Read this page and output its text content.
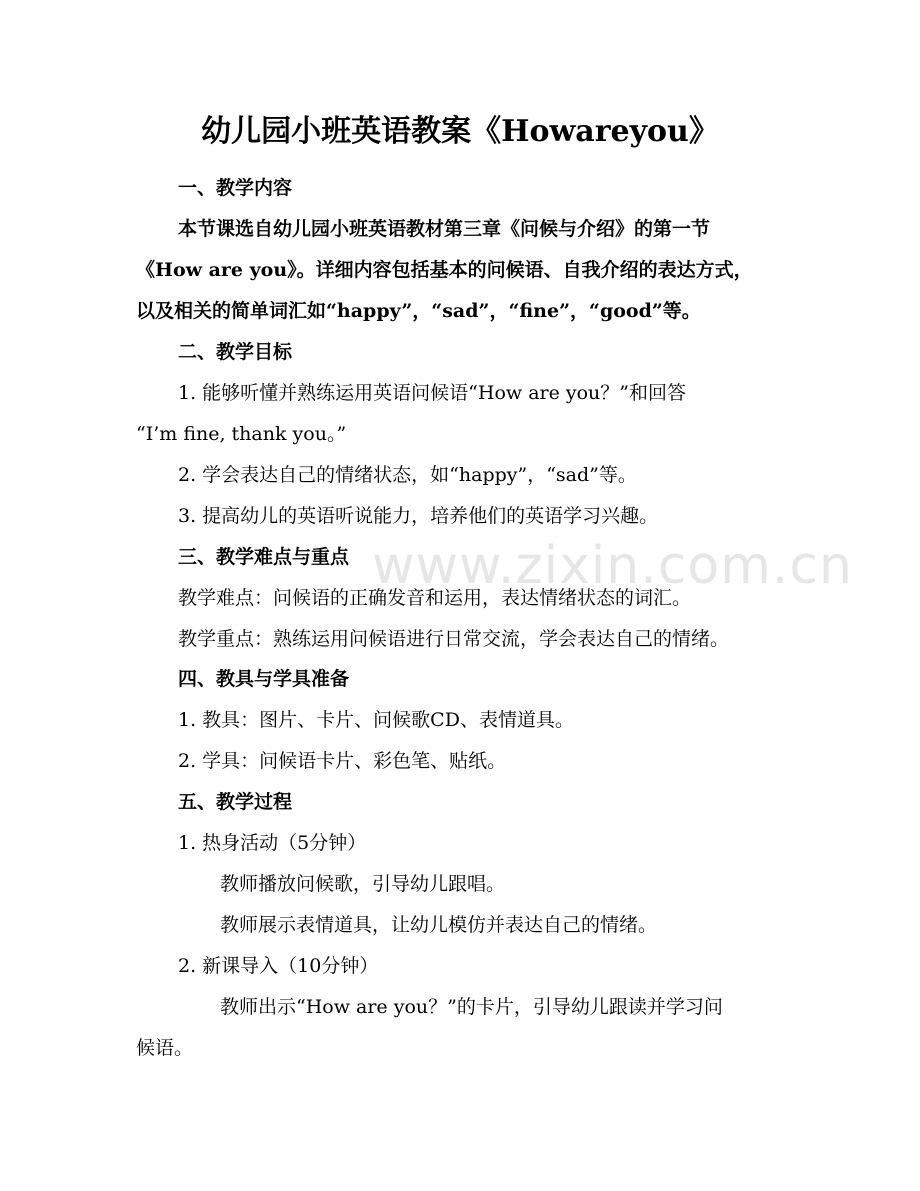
www.zixin.com.cn
幼儿园小班英语教案《Howareyou》
一、教学内容
本节课选自幼儿园小班英语教材第三章《问候与介绍》的第一节
《How are you》。详细内容包括基本的问候语、自我介绍的表达方式，
以及相关的简单词汇如“happy”，“sad”，“fine”，“good”等。
二、教学目标
1. 能够听懂并熟练运用英语问候语“How are you？”和回答
“I’m fine, thank you。”
2. 学会表达自己的情绪状态，如“happy”，“sad”等。
3. 提高幼儿的英语听说能力，培养他们的英语学习兴趣。
三、教学难点与重点
教学难点：问候语的正确发音和运用，表达情绪状态的词汇。
教学重点：熟练运用问候语进行日常交流，学会表达自己的情绪。
四、教具与学具准备
1. 教具：图片、卡片、问候歌CD、表情道具。
2. 学具：问候语卡片、彩色笔、贴纸。
五、教学过程
1. 热身活动（5分钟）
教师播放问候歌，引导幼儿跟唱。
教师展示表情道具，让幼儿模仿并表达自己的情绪。
2. 新课导入（10分钟）
教师出示“How are you？”的卡片，引导幼儿跟读并学习问
候语。
